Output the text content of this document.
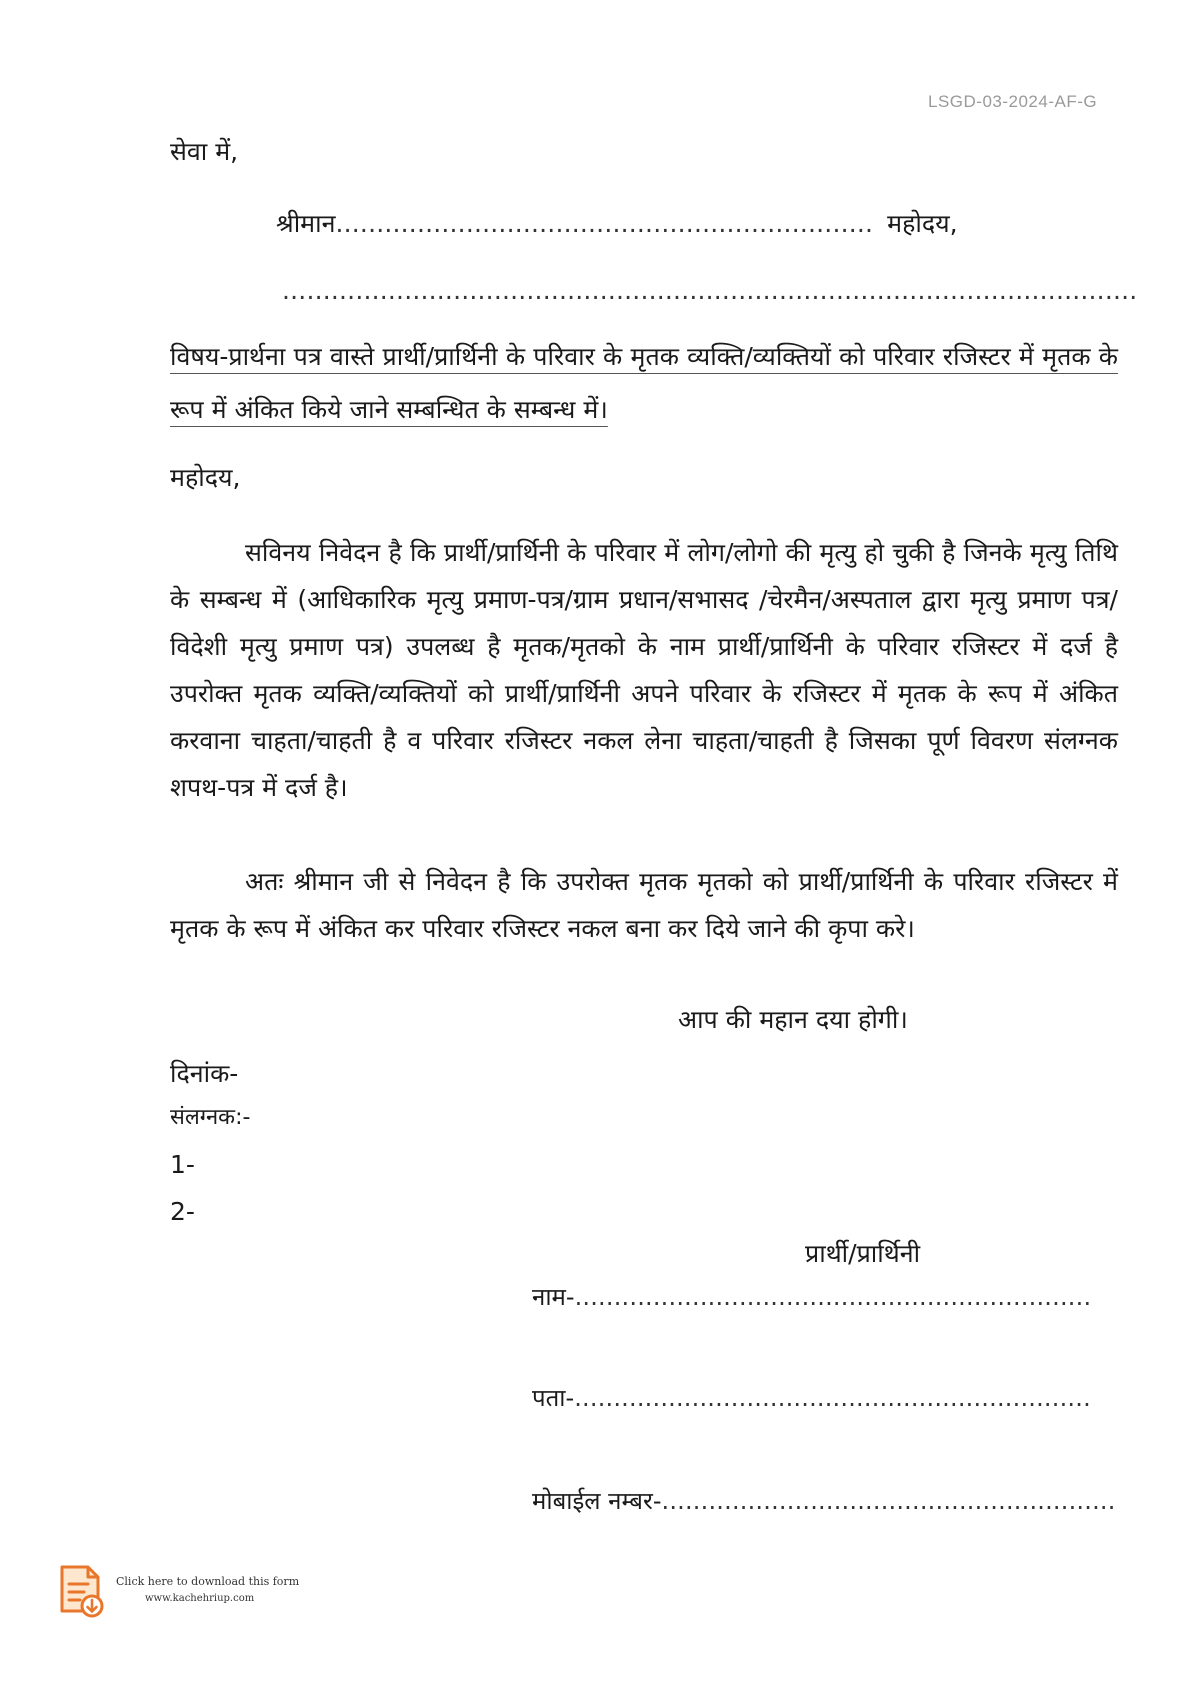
LSGD-03-2024-AF-G
सेवा में,
श्रीमान.................................................................. महोदय,
.........................................................................................................
विषय-प्रार्थना पत्र वास्ते प्रार्थी/प्रार्थिनी के परिवार के मृतक व्यक्ति/व्यक्तियों को परिवार रजिस्टर में मृतक के रूप में अंकित किये जाने सम्बन्धित के सम्बन्ध में।
महोदय,
सविनय निवेदन है कि प्रार्थी/प्रार्थिनी के परिवार में लोग/लोगो की मृत्यु हो चुकी है जिनके मृत्यु तिथि के सम्बन्ध में (आधिकारिक मृत्यु प्रमाण-पत्र/ग्राम प्रधान/सभासद /चेरमैन/अस्पताल द्वारा मृत्यु प्रमाण पत्र/विदेशी मृत्यु प्रमाण पत्र) उपलब्ध है मृतक/मृतको के नाम प्रार्थी/प्रार्थिनी के परिवार रजिस्टर में दर्ज है उपरोक्त मृतक व्यक्ति/व्यक्तियों को प्रार्थी/प्रार्थिनी अपने परिवार के रजिस्टर में मृतक के रूप में अंकित करवाना चाहता/चाहती है व परिवार रजिस्टर नकल लेना चाहता/चाहती है जिसका पूर्ण विवरण संलग्नक शपथ-पत्र में दर्ज है।
अतः श्रीमान जी से निवेदन है कि उपरोक्त मृतक मृतको को प्रार्थी/प्रार्थिनी के परिवार रजिस्टर में मृतक के रूप में अंकित कर परिवार रजिस्टर नकल बना कर दिये जाने की कृपा करे।
आप की महान दया होगी।
दिनांक-
संलग्नक:-
1-
2-
प्रार्थी/प्रार्थिनी
नाम-..................................................................
पता-..................................................................
मोबाईल नम्बर-..........................................................
Click here to download this form
www.kachehriup.com
